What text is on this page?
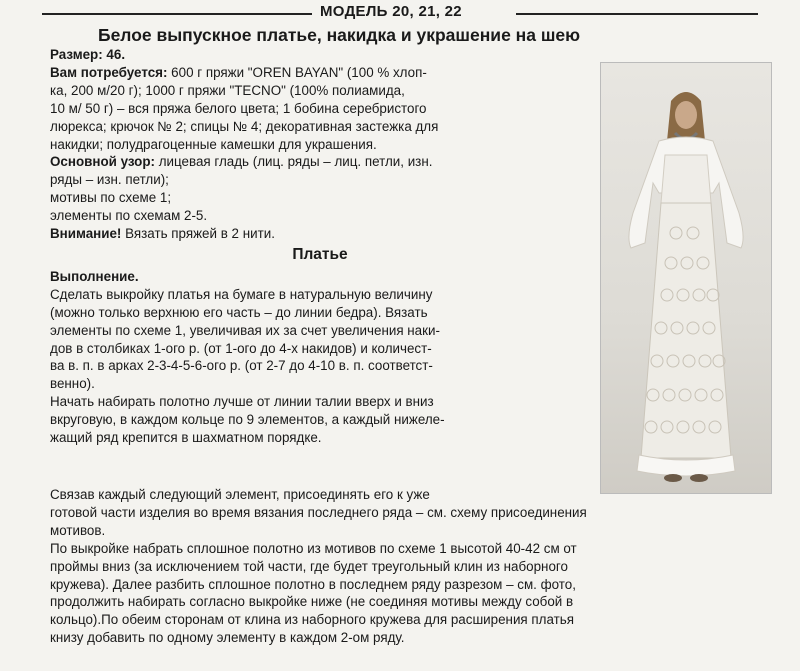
МОДЕЛЬ 20, 21, 22
Белое выпускное платье, накидка и украшение на шею

Размер: 46.

Вам потребуется: 600 г пряжи "OREN BAYAN" (100 % хлоп-

ка, 200 м/20 г); 1000 г пряжи "TECNO" (100% полиамида,

10 м/ 50 г) – вся пряжа белого цвета; 1 бобина серебристого

люрекса; крючок № 2; спицы № 4; декоративная застежка для

накидки; полудрагоценные камешки для украшения.

Основной узор: лицевая гладь (лиц. ряды – лиц. петли, изн.

ряды – изн. петли);

мотивы по схеме 1;

элементы по схемам 2-5.

Внимание! Вязать пряжей в 2 нити.

Платье

Выполнение.

Сделать выкройку платья на бумаге в натуральную величину

(можно только верхнюю его часть – до линии бедра). Вязать

элементы по схеме 1, увеличивая их за счет увеличения наки-

дов в столбиках 1-ого р. (от 1-ого до 4-х накидов) и количест-

ва в. п. в арках 2-3-4-5-6-ого р. (от 2-7 до 4-10 в. п. соответст-

венно).

Начать набирать полотно лучше от линии талии вверх и вниз

вкруговую, в каждом кольце по 9 элементов, а каждый нижеле-

жащий ряд крепится в шахматном порядке.

Связав каждый следующий элемент, присоединять его к уже

готовой части изделия во время вязания последнего ряда – см. схему присоединения

мотивов.

По выкройке набрать сплошное полотно из мотивов по схеме 1 высотой 40-42 см от

проймы вниз (за исключением той части, где будет треугольный клин из наборного

кружева). Далее разбить сплошное полотно в последнем ряду разрезом – см. фото,

продолжить набирать согласно выкройке ниже (не соединяя мотивы между собой в

кольцо).По обеим сторонам от клина из наборного кружева для расширения платья

книзу добавить по одному элементу в каждом 2-ом ряду.
